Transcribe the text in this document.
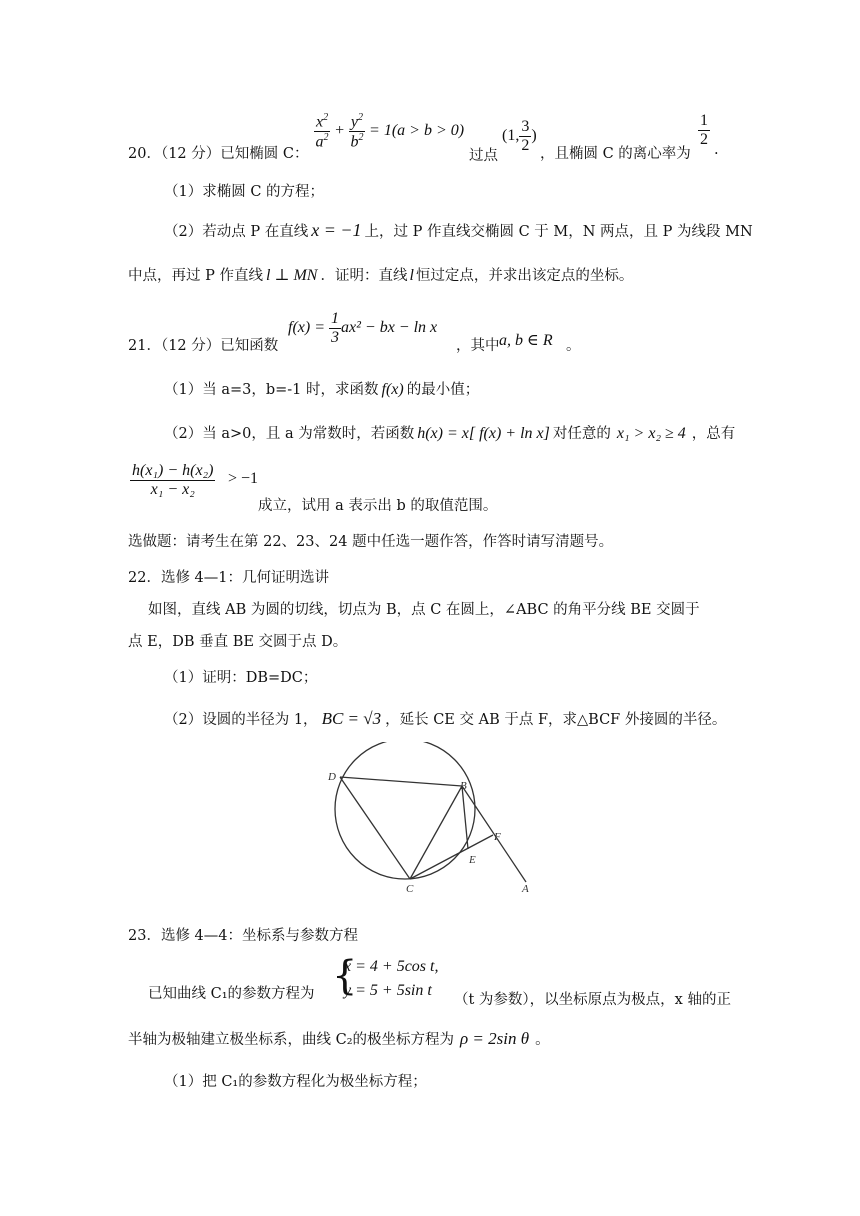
20．（12 分）已知椭圆 C：
$\frac{x^2}{a^2} + \frac{y^2}{b^2} = 1(a > b > 0)$
过点
(1, $\frac{3}{2}$ )
，且椭圆 C 的离心率为
$\frac{1}{2}$
.
（1）求椭圆 C 的方程；
（2）若动点 P 在直线 x = −1 上，过 P 作直线交椭圆 C 于 M，N 两点，且 P 为线段 MN
中点，再过 P 作直线 l ⊥ MN ．证明：直线 l 恒过定点，并求出该定点的坐标。
21．（12 分）已知函数
$f(x) = \frac{1}{3} ax^2$ − bx − ln x
，其中 a, b ∈ R 。
（1）当 a=3，b=-1 时，求函数 f(x) 的最小值；
（2）当 a>0，且 a 为常数时，若函数 h(x) = x[ f(x) + ln x] 对任意的 x₁ > x₂ ≥ 4 ，总有
$\frac{\text{h(x₁) − h(x₂)}}{\text{x₁ − x₂}} > -1$
成立，试用 a 表示出 b 的取值范围。
选做题：请考生在第 22、23、24 题中任选一题作答，作答时请写清题号。
22．选修 4—1：几何证明选讲
如图，直线 AB 为圆的切线，切点为 B，点 C 在圆上，∠ABC 的角平分线 BE 交圆于
点 E，DB 垂直 BE 交圆于点 D。
（1）证明：DB=DC；
（2）设圆的半径为 1， BC = √3 ，延长 CE 交 AB 于点 F，求△BCF 外接圆的半径。
D
B
F
E
C	A
23．选修 4—4：坐标系与参数方程
已知曲线 C₁的参数方程为 {
x = 4 + 5cos t,
y = 5 + 5sin t
（t 为参数），以坐标原点为极点，x 轴的正
半轴为极轴建立极坐标系，曲线 C₂的极坐标方程为 ρ = 2sin θ 。
（1）把 C₁的参数方程化为极坐标方程；
